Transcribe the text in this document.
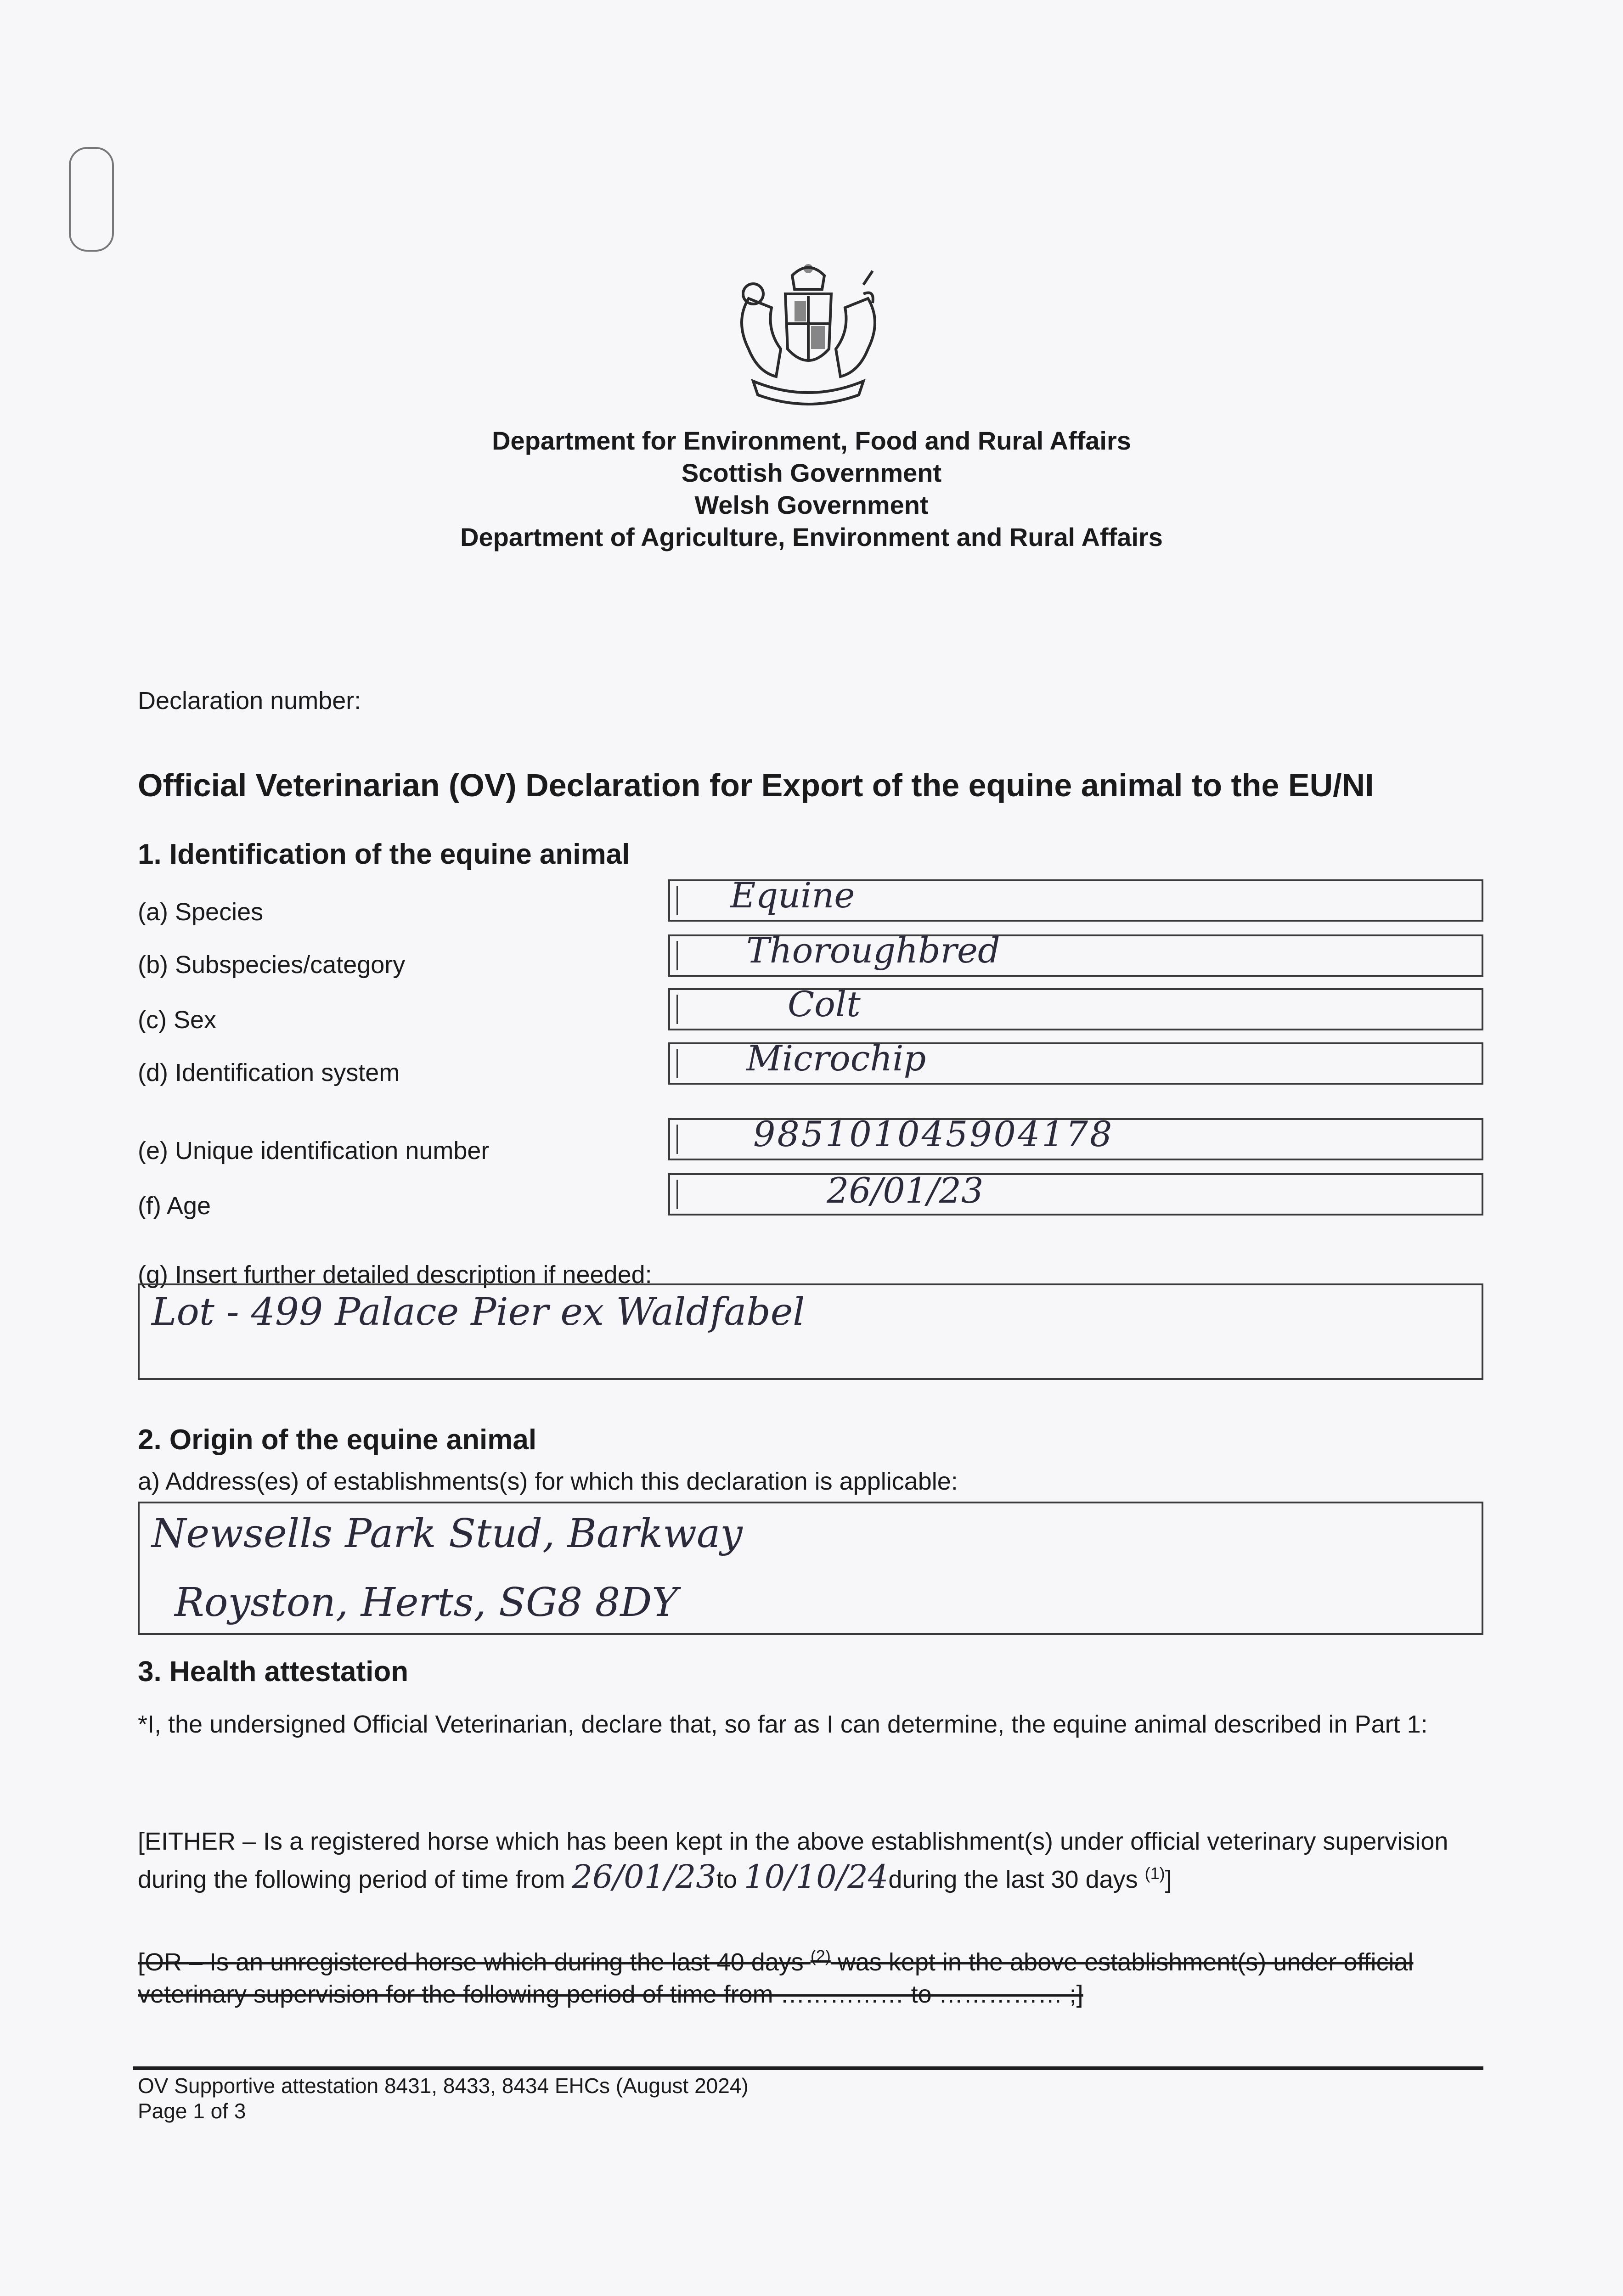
Department for Environment, Food and Rural Affairs
Scottish Government
Welsh Government
Department of Agriculture, Environment and Rural Affairs
Declaration number:
Official Veterinarian (OV) Declaration for Export of the equine animal to the EU/NI
1. Identification of the equine animal
(a) Species	Equine
(b) Subspecies/category	Thoroughbred
(c) Sex	Colt
(d) Identification system	Microchip
(e) Unique identification number	985101045904178
(f) Age	26/01/23
(g) Insert further detailed description if needed:
Lot - 499 Palace Pier ex Waldfabel
2. Origin of the equine animal
a) Address(es) of establishments(s) for which this declaration is applicable:
Newsells Park Stud, Barkway
Royston, Herts, SG8 8DY
3. Health attestation
*I, the undersigned Official Veterinarian, declare that, so far as I can determine, the equine animal described in Part 1:
[EITHER – Is a registered horse which has been kept in the above establishment(s) under official veterinary supervision during the following period of time from 26/01/23to 10/10/24during the last 30 days $^{(1)}$]
[OR – Is an unregistered horse which during the last 40 days $^{(2)}$ was kept in the above establishment(s) under official veterinary supervision for the following period of time from …………… to …………… ;]
OV Supportive attestation 8431, 8433, 8434 EHCs (August 2024)
Page 1 of 3
